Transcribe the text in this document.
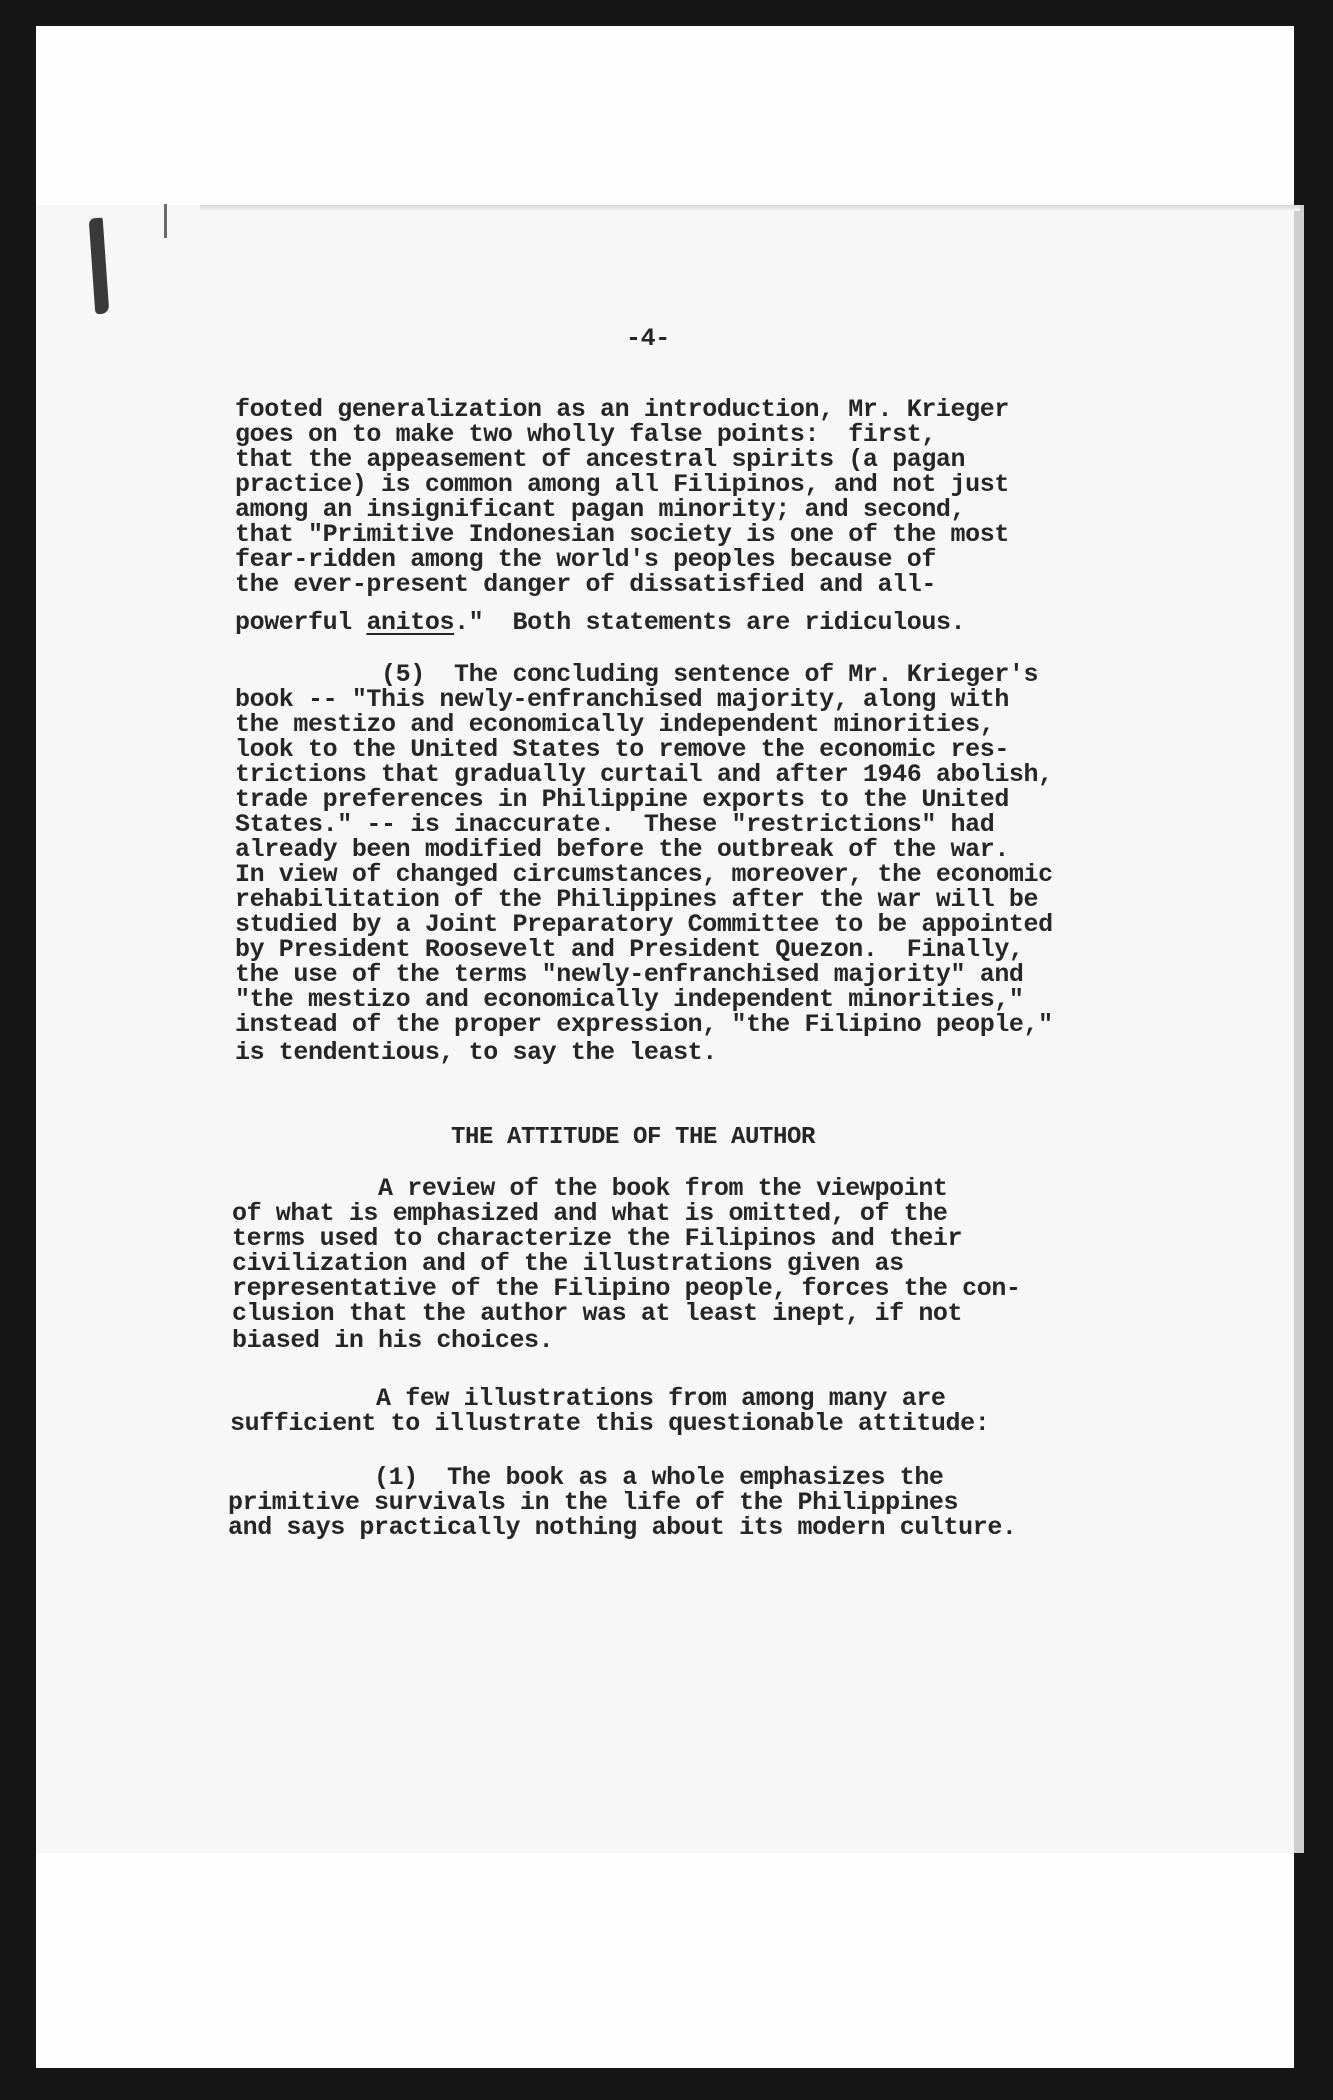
-4-
footed generalization as an introduction, Mr. Krieger
goes on to make two wholly false points:  first,
that the appeasement of ancestral spirits (a pagan
practice) is common among all Filipinos, and not just
among an insignificant pagan minority; and second,
that "Primitive Indonesian society is one of the most
fear-ridden among the world's peoples because of
the ever-present danger of dissatisfied and all-
powerful anitos."  Both statements are ridiculous.
(5)  The concluding sentence of Mr. Krieger's
book -- "This newly-enfranchised majority, along with
the mestizo and economically independent minorities,
look to the United States to remove the economic res-
trictions that gradually curtail and after 1946 abolish,
trade preferences in Philippine exports to the United
States." -- is inaccurate.  These "restrictions" had
already been modified before the outbreak of the war.
In view of changed circumstances, moreover, the economic
rehabilitation of the Philippines after the war will be
studied by a Joint Preparatory Committee to be appointed
by President Roosevelt and President Quezon.  Finally,
the use of the terms "newly-enfranchised majority" and
"the mestizo and economically independent minorities,"
instead of the proper expression, "the Filipino people,"
is tendentious, to say the least.
THE ATTITUDE OF THE AUTHOR
A review of the book from the viewpoint
of what is emphasized and what is omitted, of the
terms used to characterize the Filipinos and their
civilization and of the illustrations given as
representative of the Filipino people, forces the con-
clusion that the author was at least inept, if not
biased in his choices.
A few illustrations from among many are
sufficient to illustrate this questionable attitude:
(1)  The book as a whole emphasizes the
primitive survivals in the life of the Philippines
and says practically nothing about its modern culture.
